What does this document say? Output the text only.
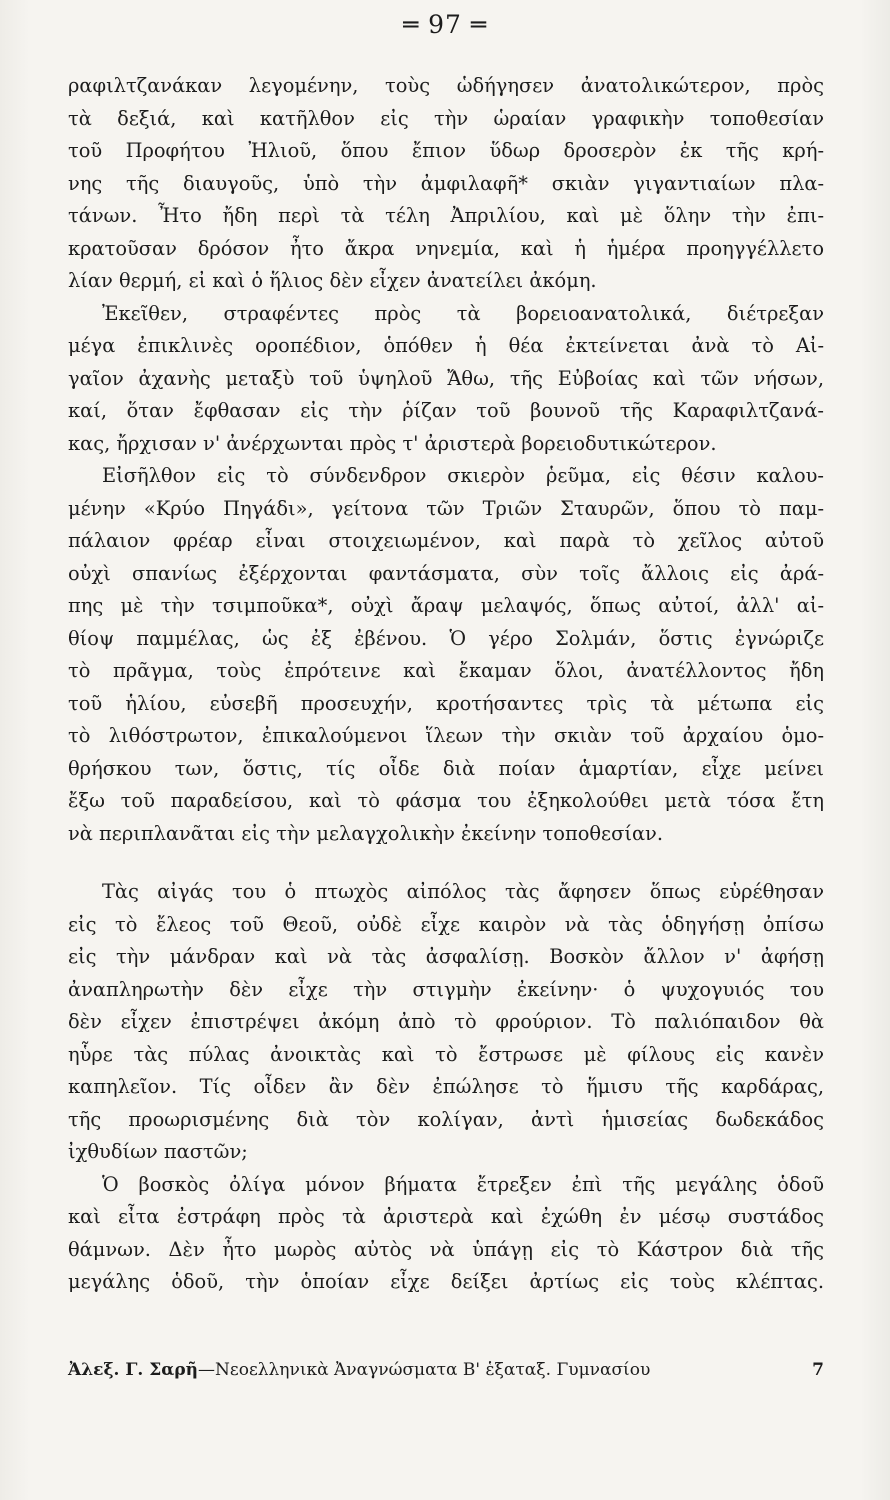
═ 97 ═
ραφιλτζανάκαν λεγομένην, τοὺς ὡδήγησεν ἀνατολικώτερον, πρὸς
τὰ δεξιά, καὶ κατῆλθον εἰς τὴν ὡραίαν γραφικὴν τοποθεσίαν
τοῦ Προφήτου Ἠλιοῦ, ὅπου ἔπιον ὕδωρ δροσερὸν ἐκ τῆς κρή-
νης τῆς διαυγοῦς, ὑπὸ τὴν ἀμφιλαφῆ* σκιὰν γιγαντιαίων πλα-
τάνων. Ἦτο ἤδη περὶ τὰ τέλη Ἀπριλίου, καὶ μὲ ὅλην τὴν ἐπι-
κρατοῦσαν δρόσον ἦτο ἄκρα νηνεμία, καὶ ἡ ἡμέρα προηγγέλλετο
λίαν θερμή, εἰ καὶ ὁ ἥλιος δὲν εἶχεν ἀνατείλει ἀκόμη.
Ἐκεῖθεν, στραφέντες πρὸς τὰ βορειοανατολικά, διέτρεξαν
μέγα ἐπικλινὲς οροπέδιον, ὁπόθεν ἡ θέα ἐκτείνεται ἀνὰ τὸ Αἰ-
γαῖον ἀχανὴς μεταξὺ τοῦ ὑψηλοῦ Ἄθω, τῆς Εὐβοίας καὶ τῶν νήσων,
καί, ὅταν ἔφθασαν εἰς τὴν ῥίζαν τοῦ βουνοῦ τῆς Καραφιλτζανά-
κας, ἤρχισαν ν' ἀνέρχωνται πρὸς τ' ἀριστερὰ βορειοδυτικώτερον.
Εἰσῆλθον εἰς τὸ σύνδενδρον σκιερὸν ῥεῦμα, εἰς θέσιν καλου-
μένην «Κρύο Πηγάδι», γείτονα τῶν Τριῶν Σταυρῶν, ὅπου τὸ παμ-
πάλαιον φρέαρ εἶναι στοιχειωμένον, καὶ παρὰ τὸ χεῖλος αὐτοῦ
οὐχὶ σπανίως ἐξέρχονται φαντάσματα, σὺν τοῖς ἄλλοις εἰς ἀρά-
πης μὲ τὴν τσιμποῦκα*, οὐχὶ ἄραψ μελαψός, ὅπως αὐτοί, ἀλλ' αἰ-
θίοψ παμμέλας, ὡς ἐξ ἐβένου. Ὁ γέρο Σολμάν, ὅστις ἐγνώριζε
τὸ πρᾶγμα, τοὺς ἐπρότεινε καὶ ἔκαμαν ὅλοι, ἀνατέλλοντος ἤδη
τοῦ ἡλίου, εὐσεβῆ προσευχήν, κροτήσαντες τρὶς τὰ μέτωπα εἰς
τὸ λιθόστρωτον, ἐπικαλούμενοι ἵλεων τὴν σκιὰν τοῦ ἀρχαίου ὁμο-
θρήσκου των, ὅστις, τίς οἶδε διὰ ποίαν ἁμαρτίαν, εἶχε μείνει
ἔξω τοῦ παραδείσου, καὶ τὸ φάσμα του ἐξηκολούθει μετὰ τόσα ἔτη
νὰ περιπλανᾶται εἰς τὴν μελαγχολικὴν ἐκείνην τοποθεσίαν.
Τὰς αἰγάς του ὁ πτωχὸς αἰπόλος τὰς ἄφησεν ὅπως εὑρέθησαν
εἰς τὸ ἔλεος τοῦ Θεοῦ, οὐδὲ εἶχε καιρὸν νὰ τὰς ὁδηγήσῃ ὀπίσω
εἰς τὴν μάνδραν καὶ νὰ τὰς ἀσφαλίσῃ. Βοσκὸν ἄλλον ν' ἀφήσῃ
ἀναπληρωτὴν δὲν εἶχε τὴν στιγμὴν ἐκείνην· ὁ ψυχογυιός του
δὲν εἶχεν ἐπιστρέψει ἀκόμη ἀπὸ τὸ φρούριον. Τὸ παλιόπαιδον θὰ
ηὗρε τὰς πύλας ἀνοικτὰς καὶ τὸ ἔστρωσε μὲ φίλους εἰς κανὲν
καπηλεῖον. Τίς οἶδεν ἂν δὲν ἐπώλησε τὸ ἥμισυ τῆς καρδάρας,
τῆς προωρισμένης διὰ τὸν κολίγαν, ἀντὶ ἡμισείας δωδεκάδος
ἰχθυδίων παστῶν;
Ὁ βοσκὸς ὀλίγα μόνον βήματα ἔτρεξεν ἐπὶ τῆς μεγάλης ὁδοῦ
καὶ εἶτα ἐστράφη πρὸς τὰ ἀριστερὰ καὶ ἐχώθη ἐν μέσῳ συστάδος
θάμνων. Δὲν ἦτο μωρὸς αὐτὸς νὰ ὑπάγῃ εἰς τὸ Κάστρον διὰ τῆς
μεγάλης ὁδοῦ, τὴν ὁποίαν εἶχε δείξει ἀρτίως εἰς τοὺς κλέπτας.
Ἀλεξ. Γ. Σαρῆ—Νεοελληνικὰ Ἀναγνώσματα Β' ἑξαταξ. Γυμνασίου	7
